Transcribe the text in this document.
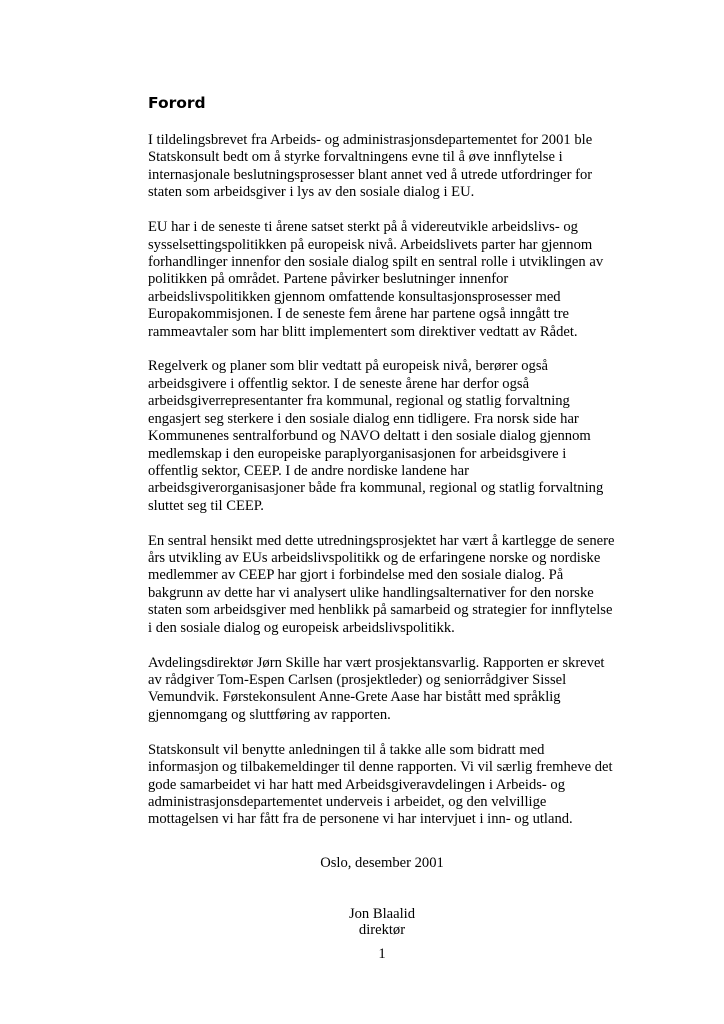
Forord

I tildelingsbrevet fra Arbeids- og administrasjonsdepartementet for 2001 ble
Statskonsult bedt om å styrke forvaltningens evne til å øve innflytelse i
internasjonale beslutningsprosesser blant annet ved å utrede utfordringer for
staten som arbeidsgiver i lys av den sosiale dialog i EU.

EU har i de seneste ti årene satset sterkt på å videreutvikle arbeidslivs- og
sysselsettingspolitikken på europeisk nivå. Arbeidslivets parter har gjennom
forhandlinger innenfor den sosiale dialog spilt en sentral rolle i utviklingen av
politikken på området. Partene påvirker beslutninger innenfor
arbeidslivspolitikken gjennom omfattende konsultasjonsprosesser med
Europakommisjonen. I de seneste fem årene har partene også inngått tre
rammeavtaler som har blitt implementert som direktiver vedtatt av Rådet.

Regelverk og planer som blir vedtatt på europeisk nivå, berører også
arbeidsgivere i offentlig sektor. I de seneste årene har derfor også
arbeidsgiverrepresentanter fra kommunal, regional og statlig forvaltning
engasjert seg sterkere i den sosiale dialog enn tidligere. Fra norsk side har
Kommunenes sentralforbund og NAVO deltatt i den sosiale dialog gjennom
medlemskap i den europeiske paraplyorganisasjonen for arbeidsgivere i
offentlig sektor, CEEP. I de andre nordiske landene har
arbeidsgiverorganisasjoner både fra kommunal, regional og statlig forvaltning
sluttet seg til CEEP.

En sentral hensikt med dette utredningsprosjektet har vært å kartlegge de senere
års utvikling av EUs arbeidslivspolitikk og de erfaringene norske og nordiske
medlemmer av CEEP har gjort i forbindelse med den sosiale dialog. På
bakgrunn av dette har vi analysert ulike handlingsalternativer for den norske
staten som arbeidsgiver med henblikk på samarbeid og strategier for innflytelse
i den sosiale dialog og europeisk arbeidslivspolitikk.

Avdelingsdirektør Jørn Skille har vært prosjektansvarlig. Rapporten er skrevet
av rådgiver Tom-Espen Carlsen (prosjektleder) og seniorrådgiver Sissel
Vemundvik. Førstekonsulent Anne-Grete Aase har bistått med språklig
gjennomgang og sluttføring av rapporten.

Statskonsult vil benytte anledningen til å takke alle som bidratt med
informasjon og tilbakemeldinger til denne rapporten. Vi vil særlig fremheve det
gode samarbeidet vi har hatt med Arbeidsgiveravdelingen i Arbeids- og
administrasjonsdepartementet underveis i arbeidet, og den velvillige
mottagelsen vi har fått fra de personene vi har intervjuet i inn- og utland.

Oslo, desember 2001
Jon Blaalid
direktør
1
